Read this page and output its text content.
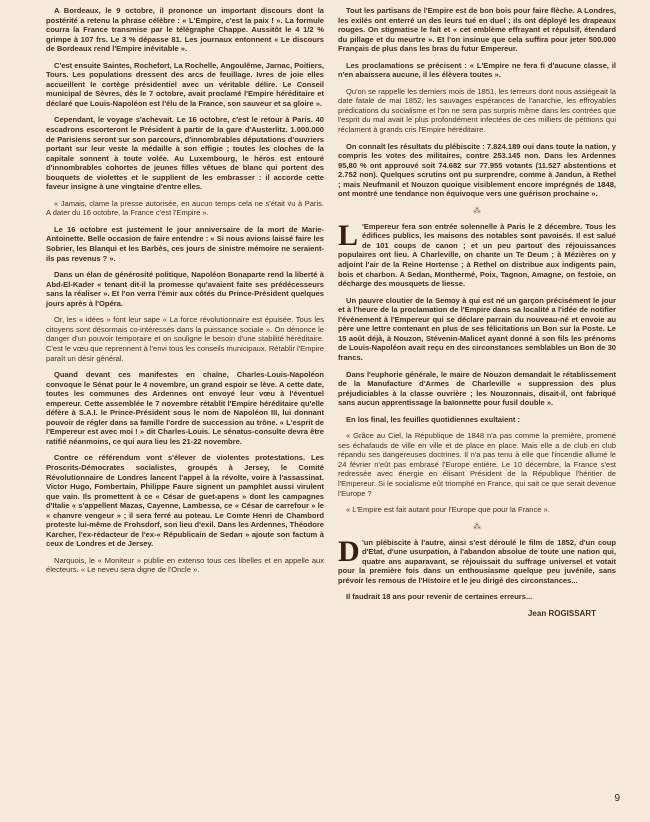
A Bordeaux, le 9 octobre, il prononce un important discours dont la postérité a retenu la phrase célèbre : « L'Empire, c'est la paix ! ». La formule courra la France transmise par le télégraphe Chappe. Aussitôt le 4 1/2 % grimpe à 107 frs. Le 3 % dépasse 81. Les journaux entonnent « Le discours de Bordeaux rend l'Empire inévitable ».

C'est ensuite Saintes, Rochefort, La Rochelle, Angoulême, Jarnac, Poitiers, Tours. Les populations dressent des arcs de feuillage. Ivres de joie elles accueillent le cortège présidentiel avec un véritable délire. Le Conseil municipal de Sèvres, dès le 7 octobre, avait proclamé l'Empire héréditaire et déclaré que Louis-Napoléon est l'élu de la France, son sauveur et sa gloire ».

Cependant, le voyage s'achevait. Le 16 octobre, c'est le retour à Paris. 40 escadrons escorteront le Président à partir de la gare d'Austerlitz. 1.000.000 de Parisiens seront sur son parcours, d'innombrables députations d'ouvriers portant sur leur veste la médaille à son effigie ; toutes les cloches de la capitale sonnent à toute volée. Au Luxembourg, le héros est entouré d'innombrables cohortes de jeunes filles vêtues de blanc qui portent des bouquets de violettes et le supplient de les embrasser : il accorde cette faveur insigne à une vingtaine d'entre elles.

« Jamais, clame la presse autorisée, en aucun temps cela ne s'était vu à Paris. A dater du 16 octobre, la France c'est l'Empire ».

Le 16 octobre est justement le jour anniversaire de la mort de Marie-Antoinette. Belle occasion de faire entendre : « Si nous avions laissé faire les Sobrier, les Blanqui et les Barbès, ces jours de sinistre mémoire ne seraient-ils pas revenus ? ».

Dans un élan de générosité politique, Napoléon Bonaparte rend la liberté à Abd-El-Kader « tenant dit-il la promesse qu'avaient faite ses prédécesseurs sans la réaliser ». Et l'on verra l'émir aux côtés du Prince-Président quelques jours après à l'Opéra.

Or, les « idées » font leur sape « La force révolutionnaire est épuisée. Tous les citoyens sont désormais co-intéressés dans la puissance sociale ». On dénonce le danger d'un pouvoir temporaire et on souligne le besoin d'une stabilité héréditaire. C'est le vœu que reprennent à l'envi tous les conseils municipaux. Rétablir l'Empire paraît un désir général.

Quand devant ces manifestes en chaîne, Charles-Louis-Napoléon convoque le Sénat pour le 4 novembre, un grand espoir se lève. A cette date, toutes les communes des Ardennes ont envoyé leur vœu à l'éventuel empereur. Cette assemblée le 7 novembre rétablit l'Empire héréditaire qu'elle défère à S.A.I. le Prince-Président sous le nom de Napoléon III, lui donnant pouvoir de régler dans sa famille l'ordre de succession au trône. « L'esprit de l'Empereur est avec moi ! » dit Charles-Louis. Le sénatus-consulte devra être ratifié néanmoins, ce qui aura lieu les 21-22 novembre.

Contre ce référendum vont s'élever de violentes protestations. Les Proscrits-Démocrates socialistes, groupés à Jersey, le Comité Révolutionnaire de Londres lancent l'appel à la révolte, voire à l'assassinat. Victor Hugo, Fombertain, Philippe Faure signent un pamphlet aussi virulent que vain. Ils promettent à ce « César de guet-apens » dont les campagnes d'Italie « s'appellent Mazas, Cayenne, Lambessa, ce « César de carrefour » le « chanvre vengeur » ; il sera ferré au poteau. Le Comte Henri de Chambord proteste lui-même de Frohsdorf, son lieu d'exil. Dans les Ardennes, Théodore Karcher, l'ex-rédacteur de l'ex-« Républicain de Sedan » ajoute son factum à ceux de Londres et de Jersey.

Narquois, le « Moniteur » publie en extenso tous ces libelles et en appelle aux électeurs. « Le neveu sera digne de l'Oncle ».

Tout les partisans de l'Empire est de bon bois pour faire flèche. A Londres, les exilés ont enterré un des leurs tué en duel ; ils ont déployé les drapeaux rouges. On stigmatise le fait et « cet emblème effrayant et répulsif, étendard du pillage et du meurtre ». Et l'on insinue que cela suffira pour jeter 500.000 Français de plus dans les bras du futur Empereur.

Les proclamations se précisent : « L'Empire ne fera fi d'aucune classe, il n'en abaissera aucune, il les élèvera toutes ».

Qu'on se rappelle les derniers mois de 1851, les terreurs dont nous assiégeait la date fatale de mai 1852, les sauvages espérances de l'anarchie, les effroyables prédications du socialisme et l'on ne sera pas surpris même dans les contrées que l'esprit du mal avait le plus profondément infectées de ces milliers de pétitions qui réclament à grands cris l'Empire héréditaire.

On connaît les résultats du plébiscite : 7.824.189 oui dans toute la nation, y compris les votes des militaires, contre 253.145 non. Dans les Ardennes 95,80 % ont approuvé soit 74.682 sur 77.955 votants (11.527 abstentions et 2.752 non). Quelques scrutins ont pu surprendre, comme à Jandun, à Rethel ; mais Neufmanil et Nouzon quoique visiblement encore imprégnés de 1848, ont montré une tendance non équivoque vers une guérison prochaine ».

⁂

L 'Empereur fera son entrée solennelle à Paris le 2 décembre. Tous les édifices publics, les maisons des notables sont pavoisés. Il est salué de 101 coups de canon ; et un peu partout des réjouissances populaires ont lieu. A Charleville, on chante un Te Deum ; à Mézières on y adjoint l'air de la Reine Hortense ; à Rethel on distribue aux indigents pain, bois et charbon. A Sedan, Monthermé, Poix, Tagnon, Amagne, on festoie, on décharge des mousquets de liesse.

Un pauvre cloutier de la Semoy à qui est né un garçon précisément le jour et à l'heure de la proclamation de l'Empire dans sa localité a l'idée de notifier l'événement à l'Empereur qui se déclare parrain du nouveau-né et envoie au père une lettre contenant en plus de ses félicitations un Bon sur la Poste. Le 15 août déjà, à Nouzon, Stévenin-Malicet ayant donné à son fils les prénoms de Louis-Napoléon avait reçu en des circonstances semblables un Bon de 30 francs.

Dans l'euphorie générale, le maire de Nouzon demandait le rétablissement de la Manufacture d'Armes de Charleville « suppression des plus préjudiciables à la classe ouvrière ; les Nouzonnais, disait-il, ont fabriqué sans aucun apprentissage la baïonnette pour fusil double ».

En los final, les feuilles quotidiennes exultaient :

« Grâce au Ciel, la République de 1848 n'a pas comme la première, promené ses échafauds de ville en ville et de place en place. Mais elle a de club en club répandu ses dangereuses doctrines. Il n'a pas tenu à elle que l'incendie allumé le 24 février n'eût pas embrasé l'Europe entière. Le 10 décembre, la France s'est redressée avec énergie en élisant Président de la République l'héritier de l'Empereur. Si le socialisme eût triomphé en France, qui sait ce que serait devenue l'Europe ?

« L'Empire est fait autant pour l'Europe que pour la France ».

⁂

D 'un plébiscite à l'autre, ainsi s'est déroulé le film de 1852, d'un coup d'Etat, d'une usurpation, à l'abandon absolue de toute une nation qui, quatre ans auparavant, se réjouissait du suffrage universel et votait pour la première fois dans un enthousiasme quelque peu juvénile, sans prévoir les remous de l'Histoire et le jeu dirigé des circonstances...

Il faudrait 18 ans pour revenir de certaines erreurs...

Jean ROGISSART
9
